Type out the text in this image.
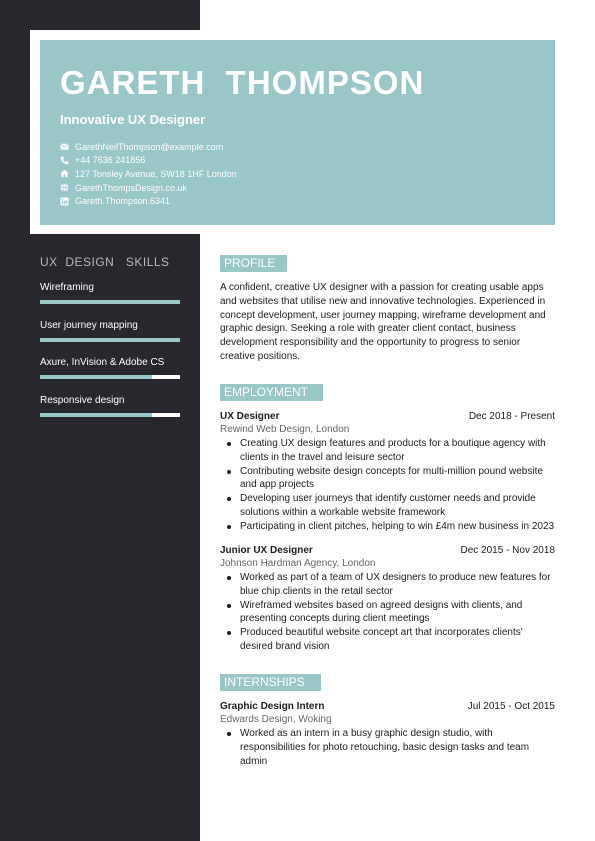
GARETH  THOMPSON
Innovative UX Designer
GarethNeilThompson@example.com
+44 7636 241856
127 Tonsley Avenue, SW18 1HF London
GarethThompsDesign.co.uk
Gareth.Thompson.6341
UX  DESIGN   SKILLS
Wireframing
User journey mapping
Axure, InVision & Adobe CS
Responsive design
PROFILE
A confident, creative UX designer with a passion for creating usable apps and websites that utilise new and innovative technologies. Experienced in concept development, user journey mapping, wireframe development and graphic design. Seeking a role with greater client contact, business development responsibility and the opportunity to progress to senior creative positions.
EMPLOYMENT
UX Designer	Dec 2018 - Present
Rewind Web Design, London
Creating UX design features and products for a boutique agency with clients in the travel and leisure sector
Contributing website design concepts for multi-million pound website and app projects
Developing user journeys that identify customer needs and provide solutions within a workable website framework
Participating in client pitches, helping to win £4m new business in 2023
Junior UX Designer	Dec 2015 - Nov 2018
Johnson Hardman Agency, London
Worked as part of a team of UX designers to produce new features for blue chip clients in the retail sector
Wireframed websites based on agreed designs with clients, and presenting concepts during client meetings
Produced beautiful website concept art that incorporates clients' desired brand vision
INTERNSHIPS
Graphic Design Intern	Jul 2015 - Oct 2015
Edwards Design, Woking
Worked as an intern in a busy graphic design studio, with responsibilities for photo retouching, basic design tasks and team admin
